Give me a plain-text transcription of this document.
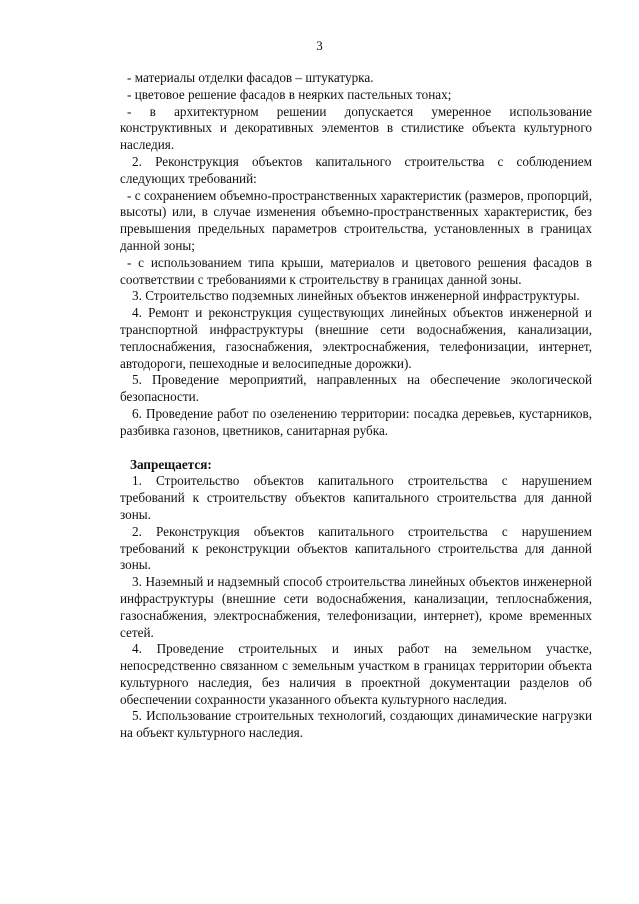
3

- материалы отделки фасадов – штукатурка.

- цветовое решение фасадов в неярких пастельных тонах;

- в архитектурном решении допускается умеренное использование конструктивных и декоративных элементов в стилистике объекта культурного наследия.

2. Реконструкция объектов капитального строительства с соблюдением следующих требований:

- с сохранением объемно-пространственных характеристик (размеров, пропорций, высоты) или, в случае изменения объемно-пространственных характеристик, без превышения предельных параметров строительства, установленных в границах данной зоны;

- с использованием типа крыши, материалов и цветового решения фасадов в соответствии с требованиями к строительству в границах данной зоны.

3. Строительство подземных линейных объектов инженерной инфраструктуры.

4. Ремонт и реконструкция существующих линейных объектов инженерной и транспортной инфраструктуры (внешние сети водоснабжения, канализации, теплоснабжения, газоснабжения, электроснабжения, телефонизации, интернет, автодороги, пешеходные и велосипедные дорожки).

5. Проведение мероприятий, направленных на обеспечение экологической безопасности.

6. Проведение работ по озеленению территории: посадка деревьев, кустарников, разбивка газонов, цветников, санитарная рубка.

Запрещается:

1. Строительство объектов капитального строительства с нарушением требований к строительству объектов капитального строительства для данной зоны.

2. Реконструкция объектов капитального строительства с нарушением требований к реконструкции объектов капитального строительства для данной зоны.

3. Наземный и надземный способ строительства линейных объектов инженерной инфраструктуры (внешние сети водоснабжения, канализации, теплоснабжения, газоснабжения, электроснабжения, телефонизации, интернет), кроме временных сетей.

4. Проведение строительных и иных работ на земельном участке, непосредственно связанном с земельным участком в границах территории объекта культурного наследия, без наличия в проектной документации разделов об обеспечении сохранности указанного объекта культурного наследия.

5. Использование строительных технологий, создающих динамические нагрузки на объект культурного наследия.
